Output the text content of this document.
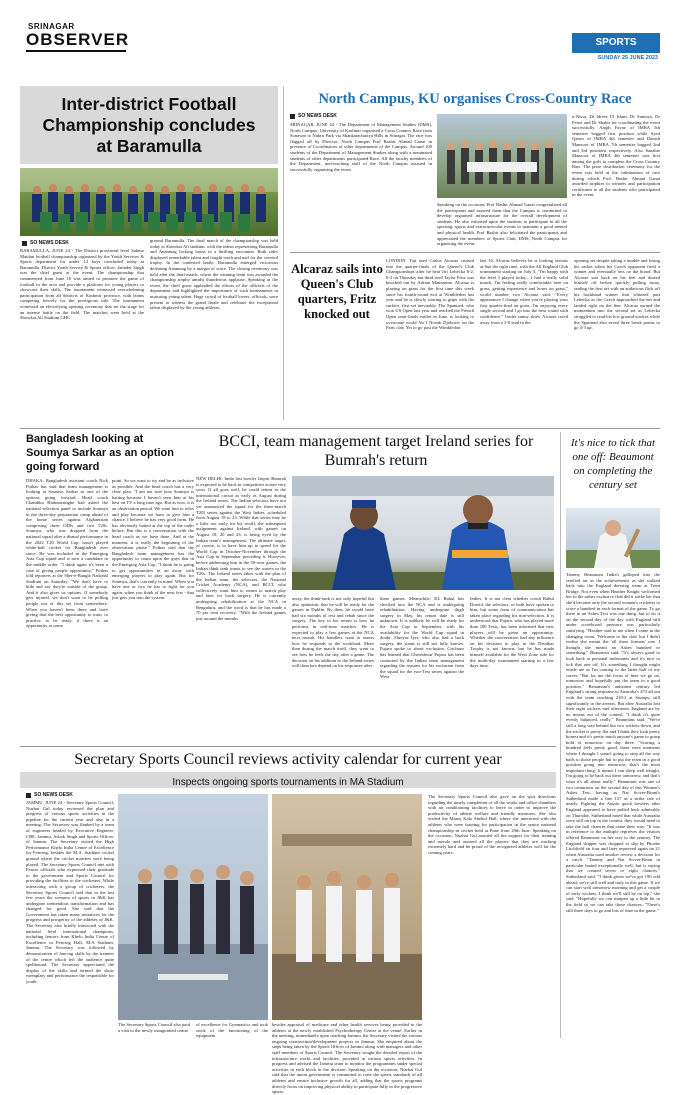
SRINAGAR
OBSERVER	SPORTS
SUNDAY 25 JUNE 2023
Inter-district Football Championship concludes at Baramulla
SO NEWS DESK
BARAMULLA, JUNE 24 - The District provincial level Sahmo Maidan football championship organized by the Youth Services & Sports department for under 14 boys concluded today at Baramulla. District Youth Service & Sports officer, Jatinder Singh was the chief guest at the event. The championship that commenced from June 16 was aimed to promote the game of football in the area and provide a platform for young players to showcase their skills. The tournament witnessed overwhelming participation from all districts of Kashmir province, with teams competing fiercely for the prestigious title. The tournament witnessed an electrifying opening ceremony that set the stage for an intense battle on the field. The matches were held at the Showkat Ali Stadium GHC
ground Baramulla. The final match of the championship was held today at Showkat Ali stadium, with the teams representing Baramulla and Anantnag locking horns in a thrilling encounter. Both sides displayed remarkable talent and fought tooth and nail for the coveted trophy. In the contested battle, Baramulla emerged victorious defeating Anantnag by a margin of score. The closing ceremony was held after the final match, where the winning team was awarded the championship trophy amidst thunderous applause. Speaking at the event, the chief guest applauded the efforts of the officials of the department and highlighted the importance of such tournaments in nurturing young talent. Huge crowd of football lovers, officials, were present to witness the grand finale and celebrate the exceptional talent displayed by the young athletes.
North Campus, KU organises Cross-Country Race
SO NEWS DESK
SRINAGAR, JUNE 24 - The Department of Management Studies (DMS), North Campus, University of Kashmir organised a Cross Country Race from Sonawar to Nukru Park via Shankarachariya Hills in Srinagar. The race was flagged off by Director, North Campus Prof Bashir Ahmad Ganai in presence of Coordinators of other departments of the Campus. Around 100 students of the Department of Management Studies along with a nominated students of other departments participated Race. All the faculty members of the Department, non-teaching staff of the North Campus assisted in successfully organising the event.
Speaking on the occasion, Prof Bashir Ahmad Ganai congratulated all the participants and assured them that the Campus is committed to develop organised infrastructure for the overall development of students. He also exhorted upon the students to participate in all the sporting, sports and extracurricular events to maintain a good mental and physical health. Prof Bashir also felicitated the participants and appreciated the members of Sports Club, DMS, North Campus for organising the event.
u-Nissa, Dr Idrees Ul Islam, Dr Sumaya, Dr Feroz and Dr Shabir for coordinating the event successfully. Aaqib Fayaz of IMBA 5th semester bagged first position while Syed Qaiser of IMBA 4th semester and Danish Manzoor of IMBA 7th semester bagged 2nd and 3rd positions respectively. Also Sanabie Manzoor of IMBA 4th semester was first among the girls to complete the Cross Country Run. The prize distribution ceremony for the event was held at the culmination of race during which Prof. Bashir Ahmad Ganai awarded trophies to winners and participation certificates to all the students who participated in the event.
Alcaraz sails into Queen's Club quarters, Fritz knocked out
LONDON: Top seed Carlos Alcaraz cruised into the quarter-finals of the Queen's Club Championships after he beat Jiri Lehecka 6-2, 6-3 on Thursday but third seed Taylor Fritz was knocked out by Adrian Mannarino. Alcaraz is playing on grass for the first time this week since his fourth-round exit at Wimbledon last year and he is slowly starting to grips with the surface, first-set inevitably. The Spaniard, who won US Open last year and reached the French Open semi-finals earlier in June, is looking to overcome world No.1 Novak Djokovic on the Paris clay. Yet to go past the Wimbledon
last 16, Alcaraz believes he is looking serious at Sue the right time, with the All England Club tournament starting on July 3. "I'm happy with the level I played today... I had a really solid match. I'm feeling really comfortable here on grass, getting experience and hours on grass," world number two Alcaraz said. "Every appearance I change when you're playing your first quarter-final on grass. I'm enjoying every single second and I go into the next round with confidence." Under sunny skies, Alcaraz raced away from a 3-0 lead in the
opening set despite taking a tumble and losing his racket when his Czech opponent fired a winner and eventually sets on the board. But Alcaraz was back on his feet and dusted himself off before quickly pulling away, sealing the first set with an audacious flick off his backhand winner that whizzed past Lehecka as the Czech approached the net and landed right on the line. Alcaraz earned the momentum into the second set as Lehecka struggled to read his low ground-strokes while the Spaniard also saved three break points to go 4-3 up.
Bangladesh looking at Soumya Sarkar as an option going forward
DHAKA: Bangladesh assistant coach Nick Pothas has said that team management is looking at Soumya Sarkar as one of the options going forward. Head coach Chandika Hathurusinghe had asked the national selection panel to include Soumya in the three-day preparation camp ahead of the home series against Afghanistan comprising three ODIs and two T20s. Soumya, who was dropped from the national squad after a dismal performance in the 2022 T20 World Cup, hasn't played white-ball cricket for Bangladesh ever since. He was included in the Emerging Asia Cup squad and is now a candidate in the middle order. "I think again it's been a case of giving people opportunity," Pothas told reporters at the Sher-e-Bangla National Stadium on Saturday. "We don't have to hide and say they're outside of the group. And it also gives us options. If somebody gets injured, we don't want to be pulling people out of this set from somewhere. When you haven't been there and have giving that the best opportunity to train, to practice, to be ready, if there is an opportunity at some
point. So we want to try and be as inclusive as possible. And the head coach has a very clear plan. "I am not sure how Soumya is batting because I haven't seen him at his best on TV a long time ago. But as now, it is an observation period. We want him to relax and play because we have to give him a chance. I believe he has very good form. He has obviously batted at the top of the order before. But this is a conversation with the head coach as we have done. And at the moment, it is really the beginning of the observation phase." Pothas said that the Bangladesh team management has the opportunity to count upon the guys that in the Emerging Asia Cup. "I think he is going to get opportunities in an away with emerging players to play again. But for Soumya, that's currently in mind. When you have one or two he has to fight for you again, when you think of the next few - that just gets you into the system.
BCCI, team management target Ireland series for Bumrah's return
NEW DELHI: India fast bowler Jasprit Bumrah is expected to be back in competitive action very soon. If all goes well, he could return to the international circuit as early as August during the Ireland series. The Indian selectors have not yet announced the squad for the three-match T20I series against the West Indies, scheduled from August 18 to 23. While that series may be a little too early for his recall, the subsequent assignment against Ireland, with games on August 18, 20 and 23, is being eyed by the Indian team's management. The ultimate target, of course, is to have him up to speed for the World Cup in October-November through the Asia Cup in September preceding it. However, before addressing him in the 50-over games, the Indian think tank wants to see the waters in the T20s. The Ireland series takes with the plan of the Indian team, the selectors, the National Cricket Academy (NCA), and BCCI, who collectively want him to return to match play and later for back surgery. He is currently undergoing rehabilitation at the NCA in Bengaluru, and the word is that he has made a 70 per cent recovery. "With the Ireland games just around the months
away, the think-tank is not only hopeful but also optimistic that he will be ready for the games in Dublin. By then, he would have had six months of rest and rehab since the surgery. The key to his return is how he performs in real-time matches. He is expected to play a few games at the NCA next month. His handlers want to assess how he responds to the workload. More than during the match itself, they want to see how he feels the day after a game. The decision on his addition to the Ireland series will therefore depend on his responses after
these games. Meanwhile, KL Rahul has checked into the NCA and is undergoing rehabilitation. Having undergone thigh surgery in May, his return date is still unknown. It is unlikely he will be ready for the Asia Cup in September, with his availability for the World Cup squad in doubt. Shreyas Iyer, who also had a back surgery, the status is still not fully known. Pujara spoke to about exclusion. Cricbuzz has learned that Cheteshwar Pujara has been contacted by the Indian team management regarding the reasons for his exclusion from the squad for the two-Test series against the West
Indies. It is not clear whether coach Rahul Dravid, the selectors, or both have spoken to him, but some form of communication has taken place regarding his non-selection. It is understood that Pujara, who has played more than 100 Tests, has been informed that new players will be given an opportunity. Whether the conversation had any influence on his decision to play in the Deodhar Trophy is not known, but he has made himself available for the West Zone side for the multi-day tournament starting in a few days time.
It's nice to tick that one off: Beaumont on completing the century set
Tammy Beaumont India's galloped into the rarefied air as the achievements as she walked back into the England dressing room at Trent Bridge. Not even when Heather Knight welcomed her to the rather exclusive club did it strike her that she'd become only the second women's cricketer to score a hundred in each format of the game. To go there in an Ashes Test was one thing, but to do it on the second day of the day with England still under scoreboard pressure was particularly satisfying. "Heather said to me when I came in the changing room, 'Welcome to the club' but I didn't realise she meant the 'all three formats' one. I thought she meant an Ashes hundred or something," Beaumont said. "It's always good to look back at personal milestones and it's nice to tick that one off. It's something I thought might evade me as I'm coming to the latter half of my career. "But for me the focus of here we go on, tomorrow and hopefully put the team in a good position." Beaumont's unbeaten century led England's strong response to Australia's 473 all out with the team reaching 218-2 at Stumps, still significantly in the arrears. But after Australia lost their eight wickets mid afternoon, England are by no means out of the contest. "I think it's quite evenly balanced, really," Beaumont said. "We're still a long way behind but two wickets down, and the wicket is pretty flat and I think they look pretty honest and it's pretty much anyone's game to grasp hold of tomorrow on day three. "Scoring a hundred feels pretty good, there were moments where I thought I wasn't going to stop all the way balls to those people but to put the team in a good position going into tomorrow, that's the most important thing. It means I can sleep well tonight, I'm going to be back out there tomorrow, and that's what it's all about really." Beaumont was one of two centurions on the second day of this Women's Ashes Test, having as Nat Sciver-Brunt's Sutherland made a fine 137 as a strike rate of nearly. Fighting the Aussie quick bowlers after England appeared to have pulled back admirably on Thursday. Sutherland noted that while Australia were still on top in the contest, they would need to take the half chances that came their way. "It was in reference to the multiple reprieves the visitors offered Beaumont on her way to the century. The England skipper was dropped at slip by Phoebe Litchfield on four and later reprieved again on 21 when Australia used another review a decision for a catch. "Tammy and Nat Sciver-Brunt in particular batted exceptionally well, but is saying that we created seven or eight chances," Sutherland said. "I think given we've got 190 odd ahead, we're still well and truly in this game. If we can start well tomorrow morning and get a couple of early wickets, I think we'll still be on top," she said. "Hopefully we can sharpen up a little bit in the field so we can take those chances. "There's still three days to go and lots of time in the game."
Secretary Sports Council reviews activity calendar for current year
Inspects ongoing sports tournaments in MA Stadium
SO NEWS DESK
JAMMU, JUNE 24 - Secretary Sports Council, Nuzhat Gul today reviewed the plan and progress of various sports activities in the pipeline for the current year and also in a meeting. The Secretary was flanked by a team of engineers headed by Executive Engineer, CBE, Jammu, Ashok Singh and Sports Officer, of Jammu. The Secretary visited the High Performance Khelo India Centre of Excellence for Fencing, besides the M.A. Stadium cricket ground where the cricket matches were being played. The Secretary Sports Council met with Fencer officials who expressed their gratitude to the government and Sports Council for providing the facilities to the cricketers. While interacting with a group of cricketers, the Secretary Sports Council said that in the last few years the scenario of sports in J&K has undergone tremendous transformation and has changed for good. She said that the Government has taken many initiatives for the progress and prosperity of the athletes of J&K. The Secretary also briefly interacted with the national level international champions, including fencers from Khelo India Centre of Excellence in Fencing Hall, M.A Stadium, Jammu. The Secretary was followed by demonstration of fencing skills by the trainees of the centre which left the audience quite spellbound. The Secretary appreciated the display of the skills and termed the show exemplary and performance the responsible for youth.
The Secretary Sports Council also paid a visit to the newly inaugurated centre
of excellence for Gymnastics and took stock of the functioning of the equipment
besides appraisal of medicare and other health services being provided to the athletes at the newly established Psychotherapy Centre at the venue. Earlier in the meeting, immediately upon reaching Jammu, the Secretary visited the various ongoing construction/development projects in Jammu. She enquired about the steps being taken by the Sports Officer of Jammu along with managers and other staff members of Sports Council. The Secretary sought the detailed report of the infrastructure works and facilities, provided in various sports activities. In progress and advised the Jammu team to monitor the programmes under special activities in each block in the division. Speaking on the occasion, Nuzhat Gul said that the union government is committed to raise the sports standards of all athletes and ensure inclusive growth for all, adding that the sports programs directly focus on improving physical ability to participate fully in the progressive sports.
The Secretary Sports Council also gave on the spot directions regarding the timely completion of all the works and office chambers with air conditioning facilities to leave in order to improve the productivity of athlete welfare and friendly measures. She also visited the Manoj Kalo Shehid Hall, where she interacted with the athletes who were training for participation in the senior national championship in cricket held at Pune from 29th June. Speaking on the occasion, Nuzhat Gul assured all the support for their training and morale and assured all the players that they are working extremely hard and be proud of the recognized athletes well for the coming years.
